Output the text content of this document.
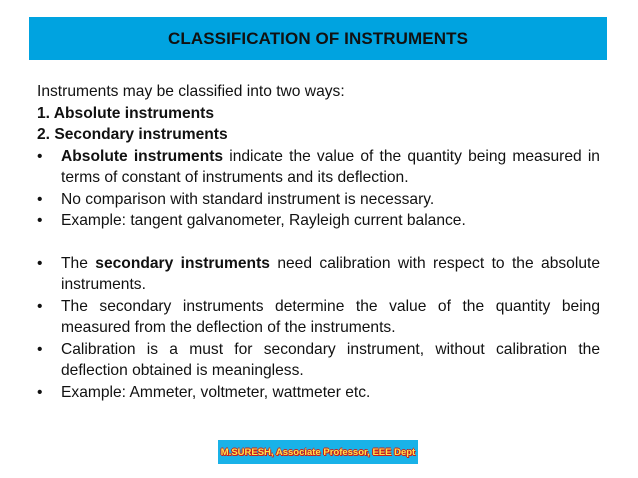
CLASSIFICATION OF INSTRUMENTS
Instruments may be classified into two ways:
1. Absolute instruments
2. Secondary instruments
• Absolute instruments indicate the value of the quantity being measured in terms of constant of instruments and its deflection.
• No comparison with standard instrument is necessary.
• Example: tangent galvanometer, Rayleigh current balance.
• The secondary instruments need calibration with respect to the absolute instruments.
• The secondary instruments determine the value of the quantity being measured from the deflection of the instruments.
• Calibration is a must for secondary instrument, without calibration the deflection obtained is meaningless.
• Example: Ammeter, voltmeter, wattmeter etc.
M.SURESH, Associate Professor, EEE Dept
